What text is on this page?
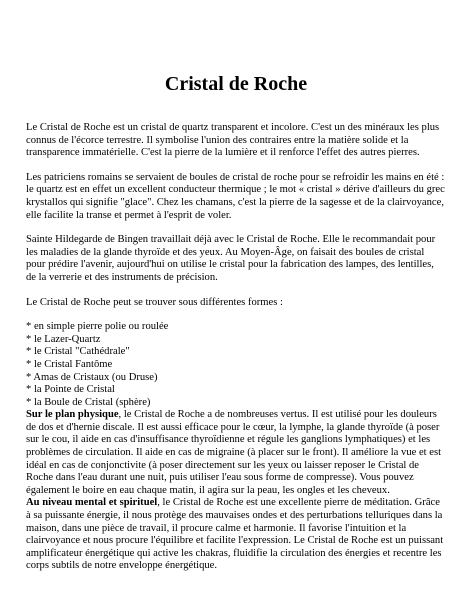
Cristal de Roche

Le Cristal de Roche est un cristal de quartz transparent et incolore. C'est un des minéraux les plus connus de l'écorce terrestre. Il symbolise l'union des contraires entre la matière solide et la transparence immatérielle. C'est la pierre de la lumière et il renforce l'effet des autres pierres.

Les patriciens romains se servaient de boules de cristal de roche pour se refroidir les mains en été : le quartz est en effet un excellent conducteur thermique ; le mot « cristal » dérive d'ailleurs du grec krystallos qui signifie "glace". Chez les chamans, c'est la pierre de la sagesse et de la clairvoyance, elle facilite la transe et permet à l'esprit de voler.

Sainte Hildegarde de Bingen travaillait déjà avec le Cristal de Roche. Elle le recommandait pour les maladies de la glande thyroïde et des yeux. Au Moyen-Âge, on faisait des boules de cristal pour prédire l'avenir, aujourd'hui on utilise le cristal pour la fabrication des lampes, des lentilles, de la verrerie et des instruments de précision.

Le Cristal de Roche peut se trouver sous différentes formes :

* en simple pierre polie ou roulée
* le Lazer-Quartz
* le Cristal "Cathédrale"
* le Cristal Fantôme
* Amas de Cristaux (ou Druse)
* la Pointe de Cristal
* la Boule de Cristal (sphère)

Sur le plan physique, le Cristal de Roche a de nombreuses vertus. Il est utilisé pour les douleurs de dos et d'hernie discale. Il est aussi efficace pour le cœur, la lymphe, la glande thyroïde (à poser sur le cou, il aide en cas d'insuffisance thyroïdienne et régule les ganglions lymphatiques) et les problèmes de circulation. Il aide en cas de migraine (à placer sur le front). Il améliore la vue et est idéal en cas de conjonctivite (à poser directement sur les yeux ou laisser reposer le Cristal de Roche dans l'eau durant une nuit, puis utiliser l'eau sous forme de compresse). Vous pouvez également le boire en eau chaque matin, il agira sur la peau, les ongles et les cheveux.

Au niveau mental et spirituel, le Cristal de Roche est une excellente pierre de méditation. Grâce à sa puissante énergie, il nous protège des mauvaises ondes et des perturbations telluriques dans la maison, dans une pièce de travail, il procure calme et harmonie. Il favorise l'intuition et la clairvoyance et nous procure l'équilibre et facilite l'expression. Le Cristal de Roche est un puissant amplificateur énergétique qui active les chakras, fluidifie la circulation des énergies et recentre les corps subtils de notre enveloppe énergétique.
